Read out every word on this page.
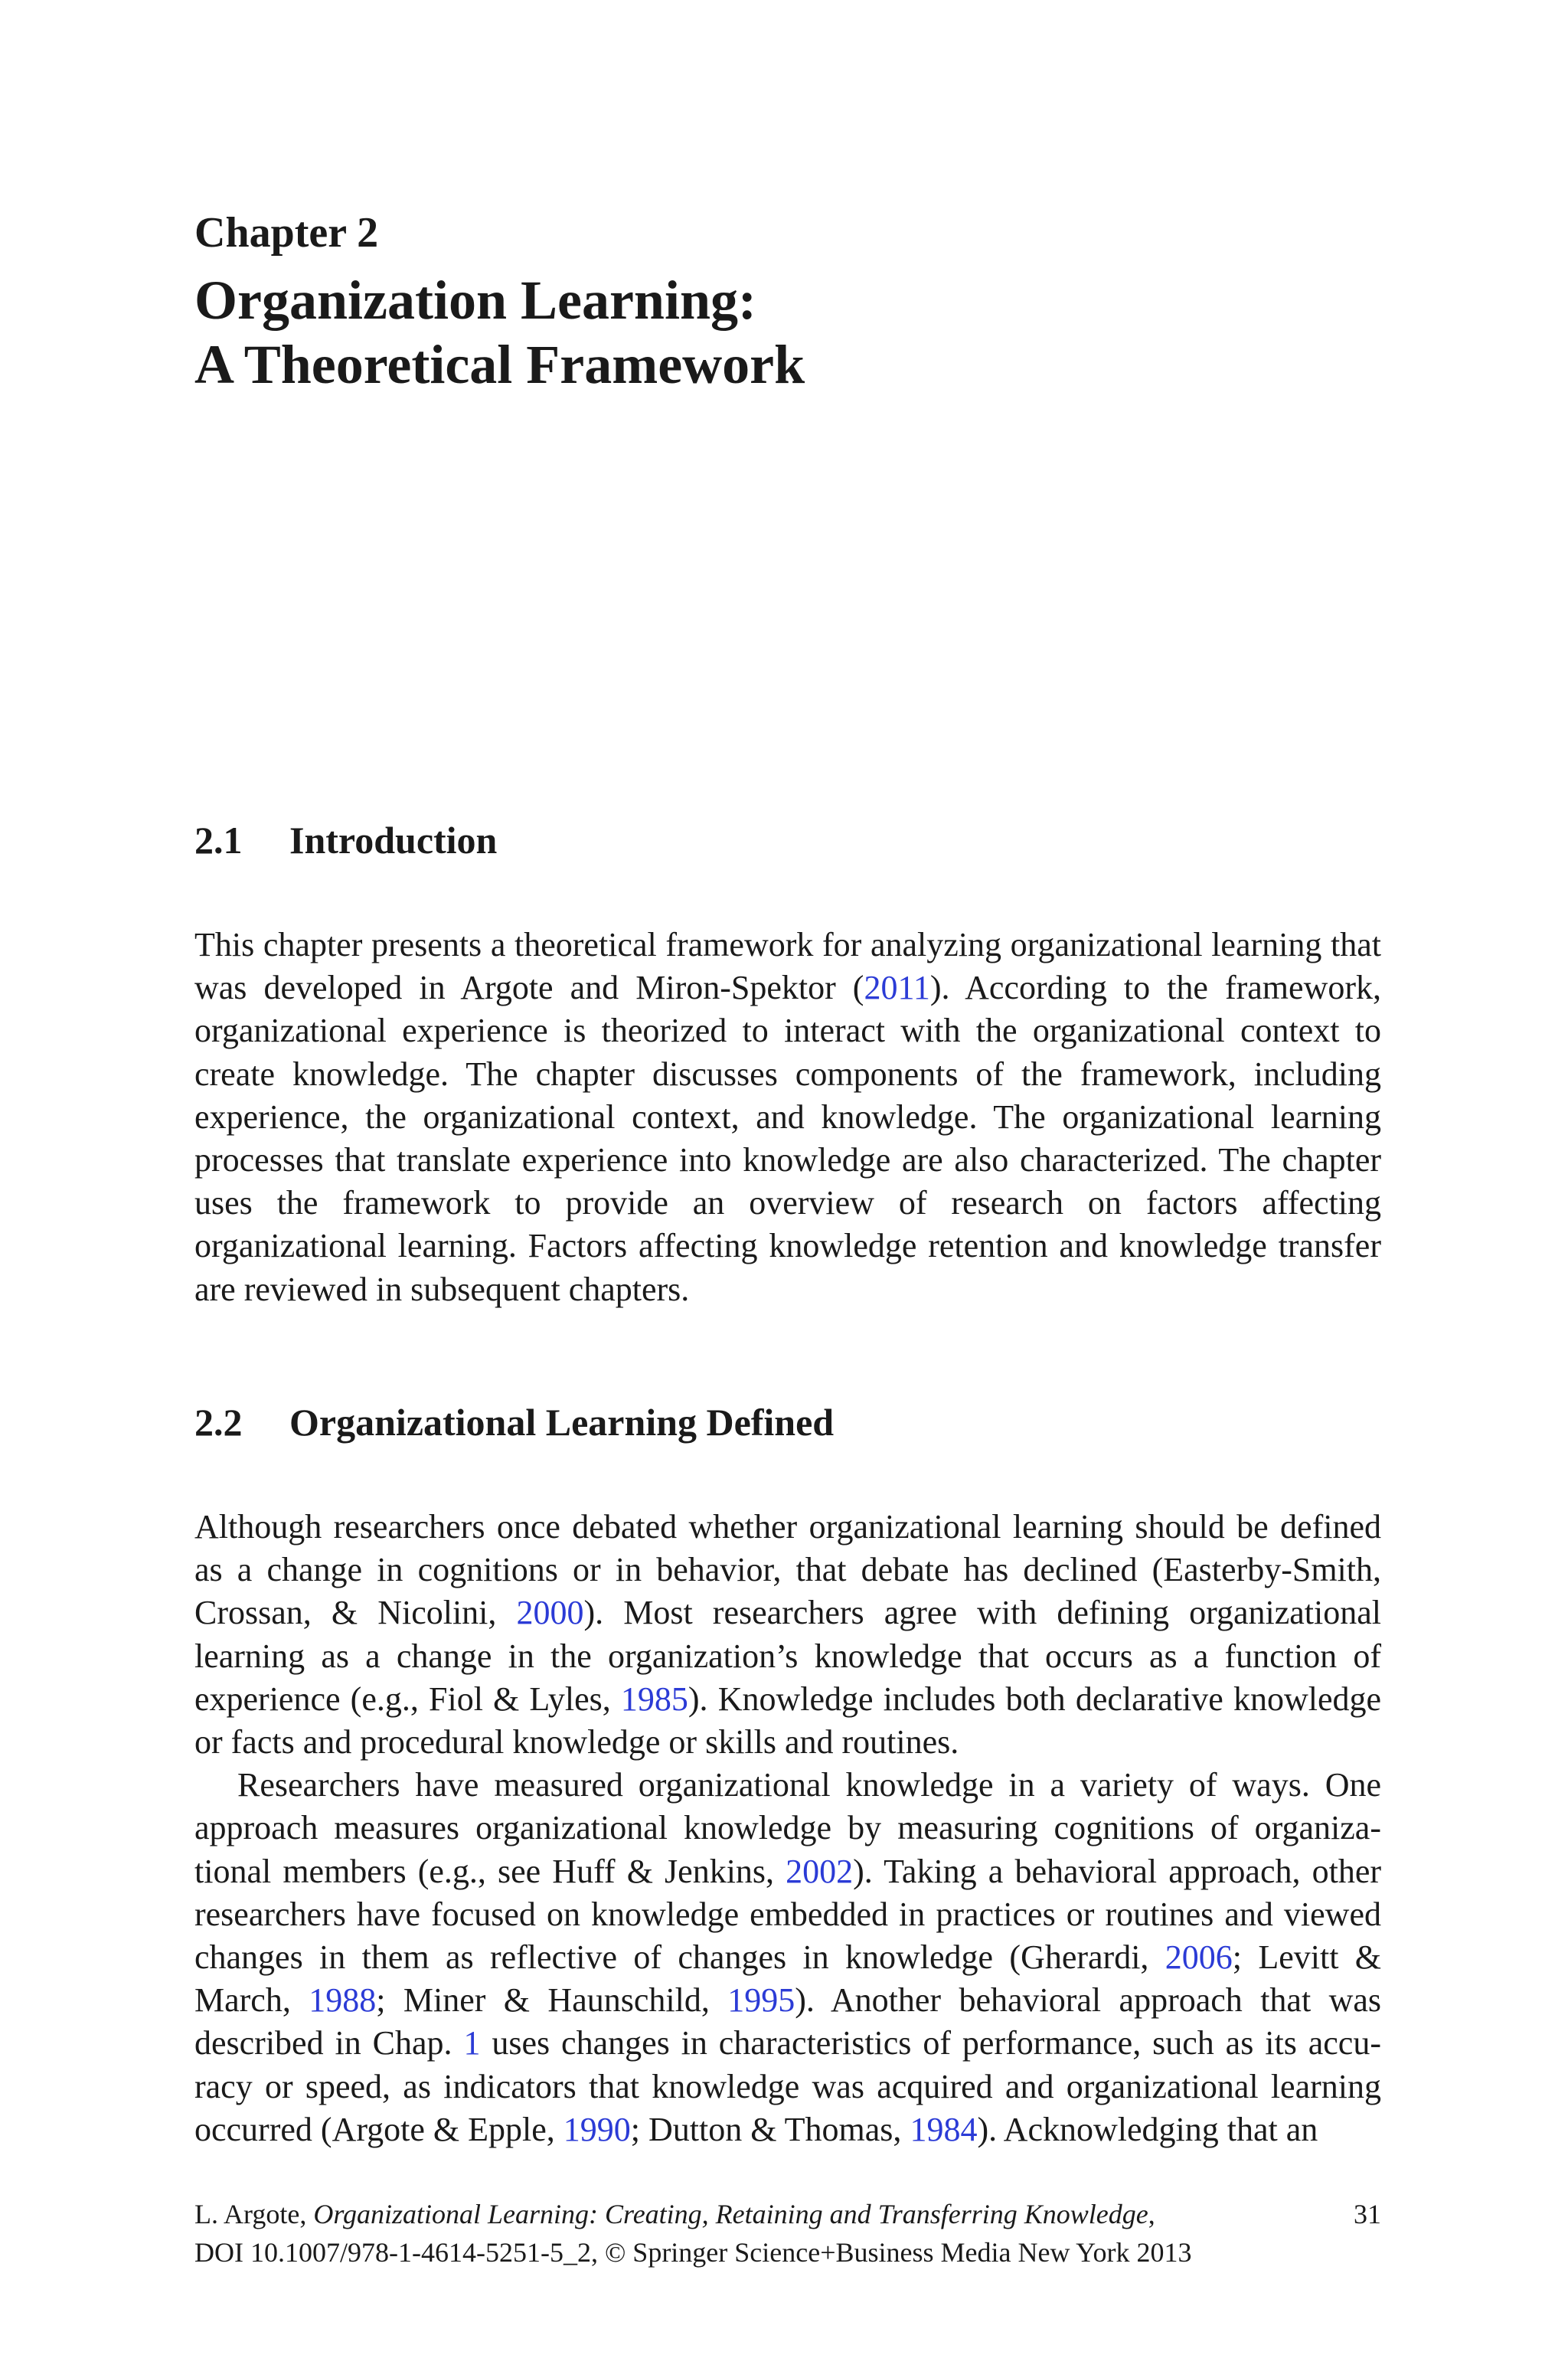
Chapter 2
Organization Learning:
A Theoretical Framework
2.1 Introduction

This chapter presents a theoretical framework for analyzing organizational learning that was developed in Argote and Miron-Spektor (2011). According to the framework, organizational experience is theorized to interact with the organizational context to create knowledge. The chapter discusses components of the framework, including experience, the organizational context, and knowledge. The organizational learning processes that translate experience into knowledge are also characterized. The chapter uses the framework to provide an overview of research on factors affecting organizational learning. Factors affecting knowledge retention and knowledge transfer are reviewed in subsequent chapters.

2.2 Organizational Learning Defined

Although researchers once debated whether organizational learning should be defined as a change in cognitions or in behavior, that debate has declined (Easterby-Smith, Crossan, & Nicolini, 2000). Most researchers agree with defining organizational learning as a change in the organization’s knowledge that occurs as a function of experience (e.g., Fiol & Lyles, 1985). Knowledge includes both declarative knowledge or facts and procedural knowledge or skills and routines.

Researchers have measured organizational knowledge in a variety of ways. One approach measures organizational knowledge by measuring cognitions of organizational members (e.g., see Huff & Jenkins, 2002). Taking a behavioral approach, other researchers have focused on knowledge embedded in practices or routines and viewed changes in them as reflective of changes in knowledge (Gherardi, 2006; Levitt & March, 1988; Miner & Haunschild, 1995). Another behavioral approach that was described in Chap. 1 uses changes in characteristics of performance, such as its accuracy or speed, as indicators that knowledge was acquired and organizational learning occurred (Argote & Epple, 1990; Dutton & Thomas, 1984). Acknowledging that an

L. Argote, Organizational Learning: Creating, Retaining and Transferring Knowledge,	31
DOI 10.1007/978-1-4614-5251-5_2, © Springer Science+Business Media New York 2013
